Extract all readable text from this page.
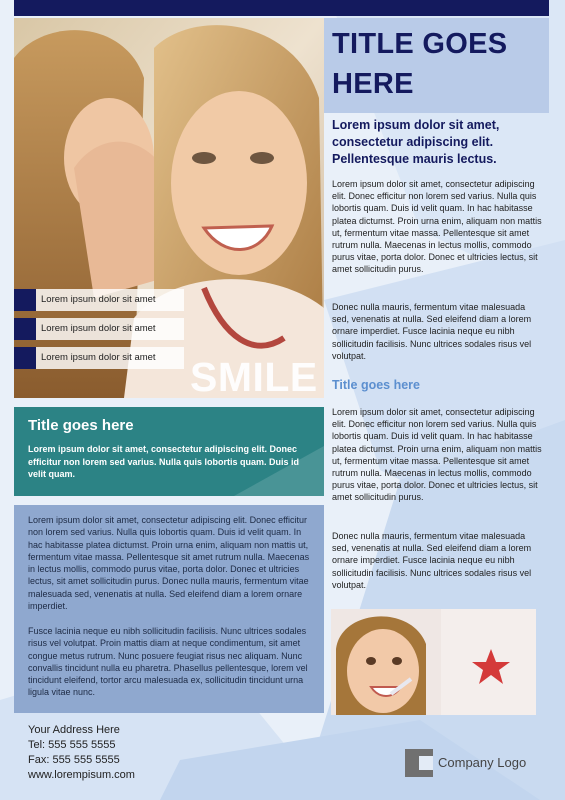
Lorem ipsum dolor sit amet
Lorem ipsum dolor sit amet
Lorem ipsum dolor sit amet SMILE
Title goes here

Lorem ipsum dolor sit amet, consectetur adipiscing elit. Donec efficitur non lorem sed varius. Nulla quis lobortis quam. Duis id velit quam.

Lorem ipsum dolor sit amet, consectetur adipiscing elit. Donec efficitur non lorem sed varius. Nulla quis lobortis quam. Duis id velit quam. In hac habitasse platea dictumst. Proin urna enim, aliquam non mattis ut, fermentum vitae massa. Pellentesque sit amet rutrum nulla. Maecenas in lectus mollis, commodo purus vitae, porta dolor. Donec et ultricies lectus, sit amet sollicitudin purus. Donec nulla mauris, fermentum vitae malesuada sed, venenatis at nulla. Sed eleifend diam a lorem ornare imperdiet.

Fusce lacinia neque eu nibh sollicitudin facilisis. Nunc ultrices sodales risus vel volutpat. Proin mattis diam at neque condimentum, sit amet congue metus rutrum. Nunc posuere feugiat risus nec aliquam. Nunc convallis tincidunt nulla eu pharetra. Phasellus pellentesque, lorem vel tincidunt eleifend, tortor arcu malesuada ex, sollicitudin tincidunt urna ligula vitae nunc.

Your Address Here
Tel: 555 555 5555
Fax: 555 555 5555
www.lorempisum.com
TITLE GOES
HERE

Lorem ipsum dolor sit amet, consectetur adipiscing elit. Pellentesque mauris lectus.

Lorem ipsum dolor sit amet, consectetur adipiscing elit. Donec efficitur non lorem sed varius. Nulla quis lobortis quam. Duis id velit quam. In hac habitasse platea dictumst. Proin urna enim, aliquam non mattis ut, fermentum vitae massa. Pellentesque sit amet rutrum nulla. Maecenas in lectus mollis, commodo purus vitae, porta dolor. Donec et ultricies lectus, sit amet sollicitudin purus.

Donec nulla mauris, fermentum vitae malesuada sed, venenatis at nulla. Sed eleifend diam a lorem ornare imperdiet. Fusce lacinia neque eu nibh sollicitudin facilisis. Nunc ultrices sodales risus vel volutpat.

Title goes here

Lorem ipsum dolor sit amet, consectetur adipiscing elit. Donec efficitur non lorem sed varius. Nulla quis lobortis quam. Duis id velit quam. In hac habitasse platea dictumst. Proin urna enim, aliquam non mattis ut, fermentum vitae massa. Pellentesque sit amet rutrum nulla. Maecenas in lectus mollis, commodo purus vitae, porta dolor. Donec et ultricies lectus, sit amet sollicitudin purus.

Donec nulla mauris, fermentum vitae malesuada sed, venenatis at nulla. Sed eleifend diam a lorem ornare imperdiet. Fusce lacinia neque eu nibh sollicitudin facilisis. Nunc ultrices sodales risus vel volutpat.

Company Logo
